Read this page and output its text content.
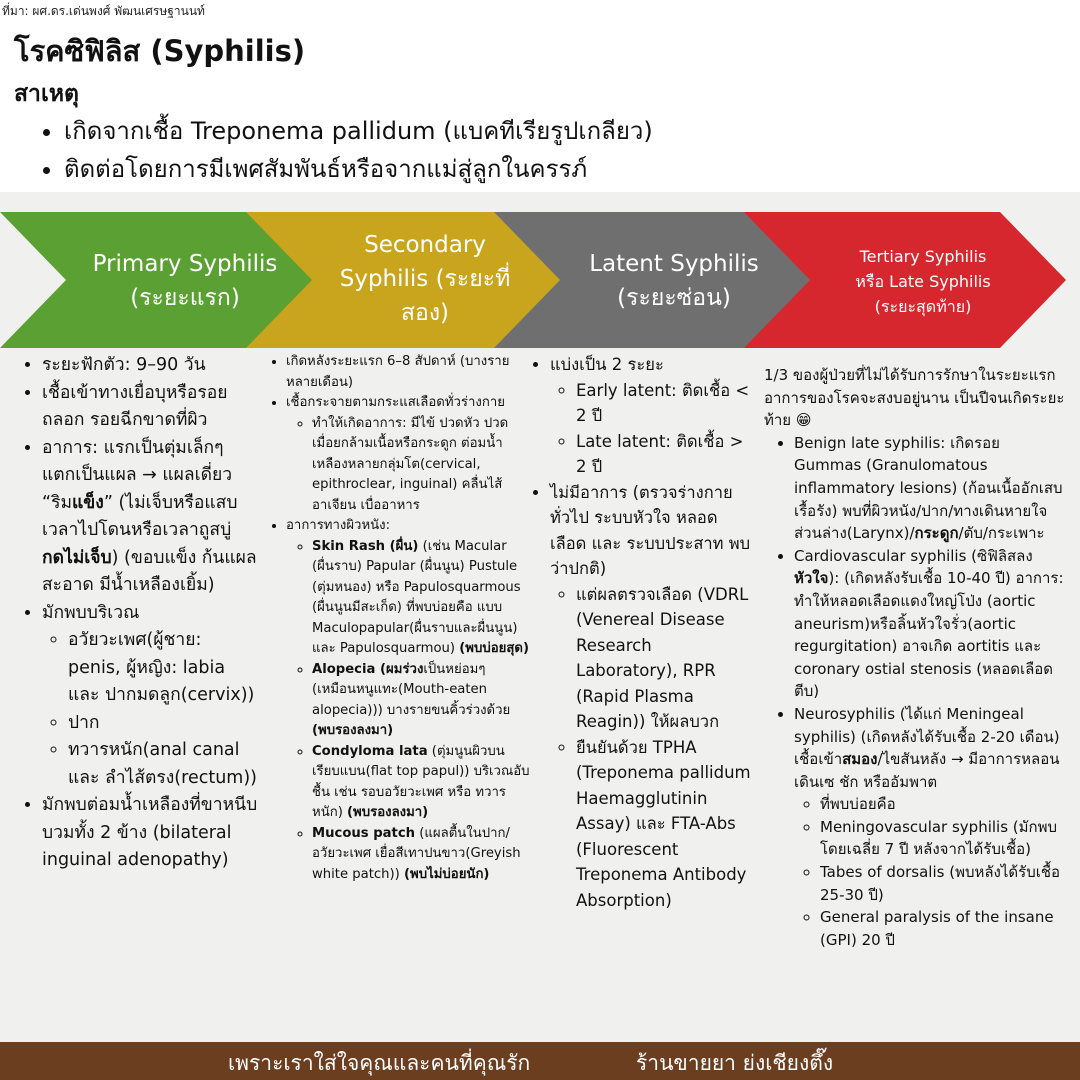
ที่มา: ผศ.ดร.เด่นพงศ์ พัฒนเศรษฐานนท์
โรคซิฟิลิส (Syphilis)
สาเหตุ
• เกิดจากเชื้อ Treponema pallidum (แบคทีเรียรูปเกลียว)
• ติดต่อโดยการมีเพศสัมพันธ์หรือจากแม่สู่ลูกในครรภ์
Primary Syphilis
(ระยะแรก)
Secondary
Syphilis (ระยะที่
สอง)
Latent Syphilis
(ระยะซ่อน)
Tertiary Syphilis
หรือ Late Syphilis
(ระยะสุดท้าย)
• ระยะฟักตัว: 9–90 วัน
• เชื้อเข้าทางเยื่อบุหรือรอยถลอก รอยฉีกขาดที่ผิว
• อาการ: แรกเป็นตุ่มเล็กๆ แตกเป็นแผล → แผลเดี่ยว “ริมแข็ง” (ไม่เจ็บหรือแสบเวลาไปโดนหรือเวลาถูสบู่ กดไม่เจ็บ) (ขอบแข็ง ก้นแผลสะอาด มีน้ำเหลืองเยิ้ม)
• มักพบบริเวณ
◦ อวัยวะเพศ(ผู้ชาย: penis, ผู้หญิง: labia และ ปากมดลูก(cervix))
◦ ปาก
◦ ทวารหนัก(anal canal และ ลำไส้ตรง(rectum))
• มักพบต่อมน้ำเหลืองที่ขาหนีบบวมทั้ง 2 ข้าง (bilateral inguinal adenopathy)
• เกิดหลังระยะแรก 6–8 สัปดาห์ (บางรายหลายเดือน)
• เชื้อกระจายตามกระแสเลือดทั่วร่างกาย
◦ ทำให้เกิดอาการ: มีไข้ ปวดหัว ปวดเมื่อยกล้ามเนื้อหรือกระดูก ต่อมน้ำเหลืองหลายกลุ่มโต(cervical, epithroclear, inguinal) คลื่นไส้ อาเจียน เบื่ออาหาร
• อาการทางผิวหนัง:
◦ Skin Rash (ผื่น) (เช่น Macular (ผื่นราบ) Papular (ผื่นนูน) Pustule (ตุ่มหนอง) หรือ Papulosquarmous (ผื่นนูนมีสะเก็ด) ที่พบบ่อยคือ แบบ Maculopapular(ผื่นราบและผื่นนูน) และ Papulosquarmou) (พบบ่อยสุด)
◦ Alopecia (ผมร่วงเป็นหย่อมๆ (เหมือนหนูแทะ(Mouth-eaten alopecia))) บางรายขนคิ้วร่วงด้วย (พบรองลงมา)
◦ Condyloma lata (ตุ่มนูนผิวบนเรียบแบน(flat top papul)) บริเวณอับชื้น เช่น รอบอวัยวะเพศ หรือ ทวารหนัก) (พบรองลงมา)
◦ Mucous patch (แผลตื้นในปาก/อวัยวะเพศ เยื่อสีเทาปนขาว(Greyish white patch)) (พบไม่บ่อยนัก)
• แบ่งเป็น 2 ระยะ
◦ Early latent: ติดเชื้อ < 2 ปี
◦ Late latent: ติดเชื้อ > 2 ปี
• ไม่มีอาการ (ตรวจร่างกายทั่วไป ระบบหัวใจ หลอดเลือด และ ระบบประสาท พบว่าปกติ)
◦ แต่ผลตรวจเลือด (VDRL (Venereal Disease Research Laboratory), RPR (Rapid Plasma Reagin)) ให้ผลบวก
◦ ยืนยันด้วย TPHA (Treponema pallidum Haemagglutinin Assay) และ FTA-Abs (Fluorescent Treponema Antibody Absorption)
1/3 ของผู้ป่วยที่ไม่ได้รับการรักษาในระยะแรก อาการของโรคจะสงบอยู่นาน เป็นปีจนเกิดระยะท้าย 😁
• Benign late syphilis: เกิดรอย Gummas (Granulomatous inflammatory lesions) (ก้อนเนื้ออักเสบเรื้อรัง) พบที่ผิวหนัง/ปาก/ทางเดินหายใจส่วนล่าง(Larynx)/กระดูก/ตับ/กระเพาะ
• Cardiovascular syphilis (ซิฟิลิสลงหัวใจ): (เกิดหลังรับเชื้อ 10-40 ปี) อาการ: ทำให้หลอดเลือดแดงใหญ่โป่ง (aortic aneurism)หรือลิ้นหัวใจรั่ว(aortic regurgitation) อาจเกิด aortitis และ coronary ostial stenosis (หลอดเลือดตีบ)
• Neurosyphilis (ได้แก่ Meningeal syphilis) (เกิดหลังได้รับเชื้อ 2-20 เดือน) เชื้อเข้าสมอง/ไขสันหลัง → มีอาการหลอน เดินเซ ชัก หรืออัมพาต
◦ ที่พบบ่อยคือ
◦ Meningovascular syphilis (มักพบโดยเฉลี่ย 7 ปี หลังจากได้รับเชื้อ)
◦ Tabes of dorsalis (พบหลังได้รับเชื้อ 25-30 ปี)
◦ General paralysis of the insane (GPI) 20 ปี
เพราะเราใส่ใจคุณและคนที่คุณรัก	ร้านขายยา ย่งเชียงตึ๊ง
